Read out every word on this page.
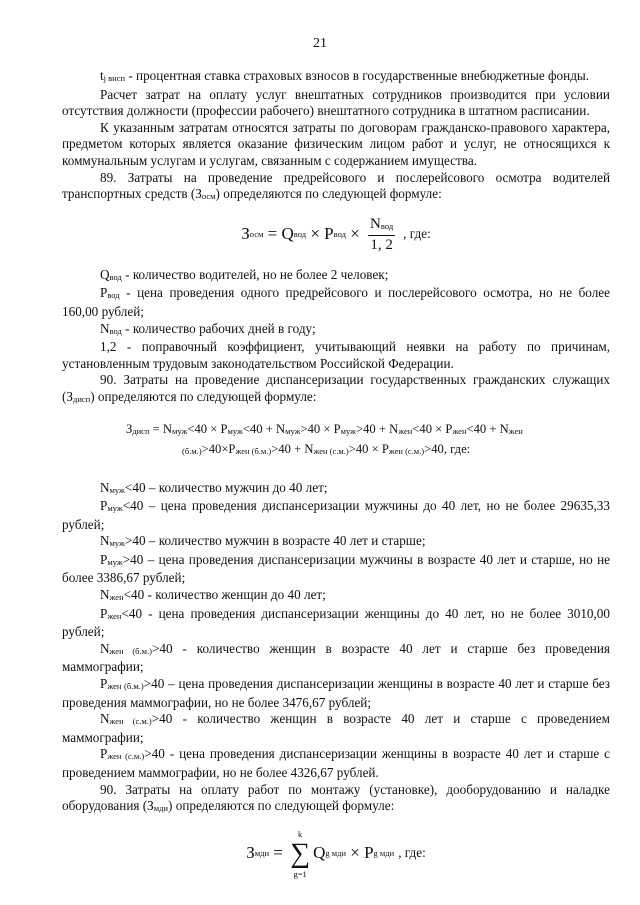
21

tj внсп - процентная ставка страховых взносов в государственные внебюджетные фонды.

Расчет затрат на оплату услуг внештатных сотрудников производится при условии отсутствия должности (профессии рабочего) внештатного сотрудника в штатном расписании.

К указанным затратам относятся затраты по договорам гражданско-правового характера, предметом которых является оказание физическим лицом работ и услуг, не относящихся к коммунальным услугам и услугам, связанным с содержанием имущества.

89. Затраты на проведение предрейсового и послерейсового осмотра водителей транспортных средств (Зосм) определяются по следующей формуле:

З осм = Q вод × P вод × $\frac{\text{Nвод}}{1, 2}$ , где:

Qвод - количество водителей, но не более 2 человек;

Pвод - цена проведения одного предрейсового и послерейсового осмотра, но не более 160,00 рублей;

Nвод - количество рабочих дней в году;

1,2 - поправочный коэффициент, учитывающий неявки на работу по причинам, установленным трудовым законодательством Российской Федерации.

90. Затраты на проведение диспансеризации государственных гражданских служащих (Здисп) определяются по следующей формуле:

Здисп = Nмуж<40 × Pмуж<40 + Nмуж>40 × Pмуж>40 + Nжен<40 × Pжен<40 + Nжен
(б.м.)>40×Pжен (б.м.)>40 + Nжен (с.м.)>40 × Pжен (с.м.)>40, где:

Nмуж<40 – количество мужчин до 40 лет;

Pмуж<40 – цена проведения диспансеризации мужчины до 40 лет, но не более 29635,33 рублей;

Nмуж>40 – количество мужчин в возрасте 40 лет и старше;

Pмуж>40 – цена проведения диспансеризации мужчины в возрасте 40 лет и старше, но не более 3386,67 рублей;

Nжен<40 - количество женщин до 40 лет;

Pжен<40 - цена проведения диспансеризации женщины до 40 лет, но не более 3010,00 рублей;

Nжен (б.м.)>40 - количество женщин в возрасте 40 лет и старше без проведения маммографии;

Pжен (б.м.)>40 – цена проведения диспансеризации женщины в возрасте 40 лет и старше без проведения маммографии, но не более 3476,67 рублей;

Nжен (с.м.)>40 - количество женщин в возрасте 40 лет и старше с проведением маммографии;

Pжен (с.м.)>40 - цена проведения диспансеризации женщины в возрасте 40 лет и старше с проведением маммографии, но не более 4326,67 рублей.

90. Затраты на оплату работ по монтажу (установке), дооборудованию и наладке оборудования (Змди) определяются по следующей формуле:

З мди =
k
∑
g=1
Q g мди × P g мди , где:
